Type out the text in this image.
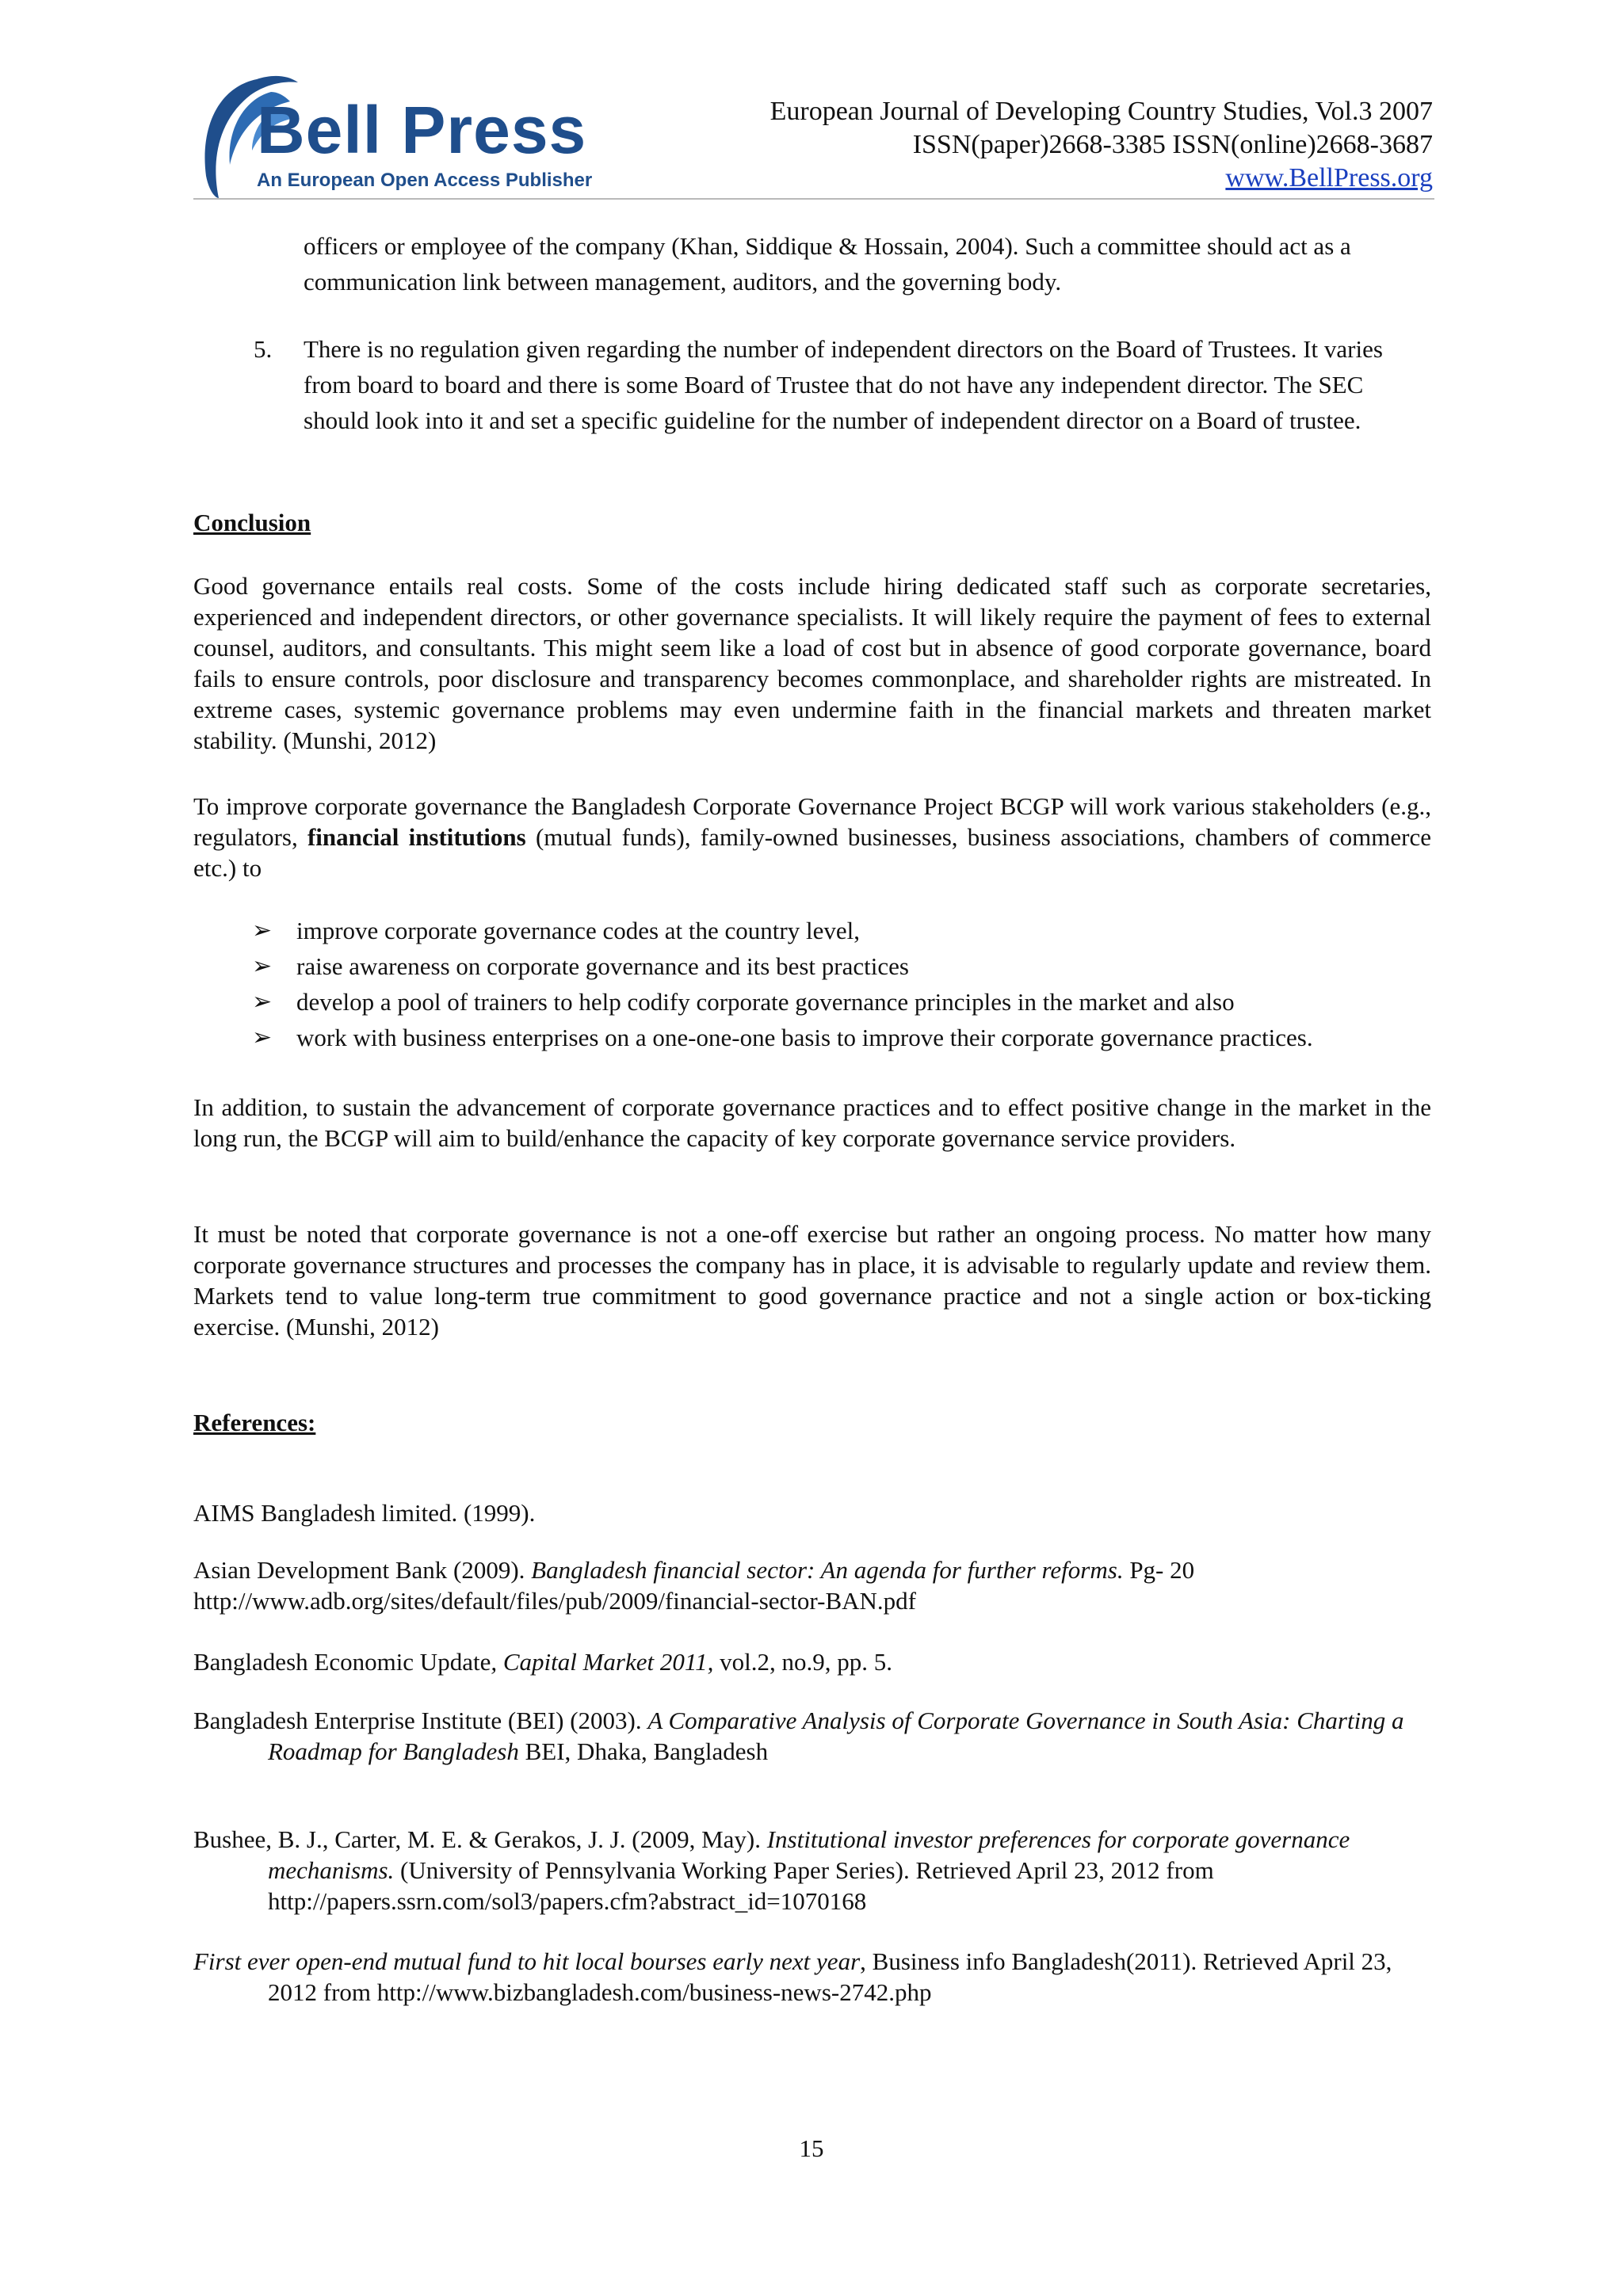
Bell Press
An European Open Access Publisher
European Journal of Developing Country Studies, Vol.3 2007
ISSN(paper)2668-3385 ISSN(online)2668-3687
www.BellPress.org
officers or employee of the company (Khan, Siddique & Hossain, 2004). Such a committee should act as a communication link between management, auditors, and the governing body.
5. There is no regulation given regarding the number of independent directors on the Board of Trustees. It varies from board to board and there is some Board of Trustee that do not have any independent director. The SEC should look into it and set a specific guideline for the number of independent director on a Board of trustee.
Conclusion
Good governance entails real costs. Some of the costs include hiring dedicated staff such as corporate secretaries, experienced and independent directors, or other governance specialists. It will likely require the payment of fees to external counsel, auditors, and consultants. This might seem like a load of cost but in absence of good corporate governance, board fails to ensure controls, poor disclosure and transparency becomes commonplace, and shareholder rights are mistreated. In extreme cases, systemic governance problems may even undermine faith in the financial markets and threaten market stability. (Munshi, 2012)
To improve corporate governance the Bangladesh Corporate Governance Project BCGP will work various stakeholders (e.g., regulators, financial institutions (mutual funds), family-owned businesses, business associations, chambers of commerce etc.) to
➢ improve corporate governance codes at the country level,
➢ raise awareness on corporate governance and its best practices
➢ develop a pool of trainers to help codify corporate governance principles in the market and also
➢ work with business enterprises on a one-one-one basis to improve their corporate governance practices.
In addition, to sustain the advancement of corporate governance practices and to effect positive change in the market in the long run, the BCGP will aim to build/enhance the capacity of key corporate governance service providers.
It must be noted that corporate governance is not a one-off exercise but rather an ongoing process. No matter how many corporate governance structures and processes the company has in place, it is advisable to regularly update and review them. Markets tend to value long-term true commitment to good governance practice and not a single action or box-ticking exercise. (Munshi, 2012)
References:
AIMS Bangladesh limited. (1999).
Asian Development Bank (2009). Bangladesh financial sector: An agenda for further reforms. Pg- 20
http://www.adb.org/sites/default/files/pub/2009/financial-sector-BAN.pdf
Bangladesh Economic Update, Capital Market 2011, vol.2, no.9, pp. 5.
Bangladesh Enterprise Institute (BEI) (2003). A Comparative Analysis of Corporate Governance in South Asia: Charting a Roadmap for Bangladesh BEI, Dhaka, Bangladesh
Bushee, B. J., Carter, M. E. & Gerakos, J. J. (2009, May). Institutional investor preferences for corporate governance mechanisms. (University of Pennsylvania Working Paper Series). Retrieved April 23, 2012 from http://papers.ssrn.com/sol3/papers.cfm?abstract_id=1070168
First ever open-end mutual fund to hit local bourses early next year, Business info Bangladesh(2011). Retrieved April 23, 2012 from http://www.bizbangladesh.com/business-news-2742.php
15
